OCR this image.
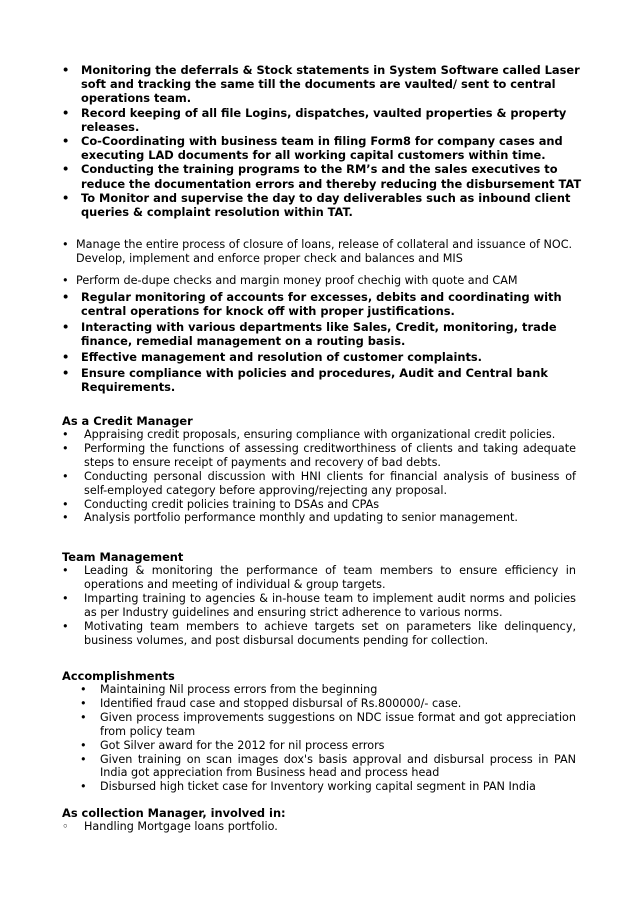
• Monitoring the deferrals & Stock statements in System Software called Laser soft and tracking the same till the documents are vaulted/ sent to central operations team.
• Record keeping of all file Logins, dispatches, vaulted properties & property releases.
• Co-Coordinating with business team in filing Form8 for company cases and executing LAD documents for all working capital customers within time.
• Conducting the training programs to the RM’s and the sales executives to reduce the documentation errors and thereby reducing the disbursement TAT
• To Monitor and supervise the day to day deliverables such as inbound client queries & complaint resolution within TAT.
• Manage the entire process of closure of loans, release of collateral and issuance of NOC.
Develop, implement and enforce proper check and balances and MIS
• Perform de-dupe checks and margin money proof chechig with quote and CAM
• Regular monitoring of accounts for excesses, debits and coordinating with central operations for knock off with proper justifications.
• Interacting with various departments like Sales, Credit, monitoring, trade finance, remedial management on a routing basis.
• Effective management and resolution of customer complaints.
• Ensure compliance with policies and procedures, Audit and Central bank Requirements.
As a Credit Manager
• Appraising credit proposals, ensuring compliance with organizational credit policies.
• Performing the functions of assessing creditworthiness of clients and taking adequate steps to ensure receipt of payments and recovery of bad debts.
• Conducting personal discussion with HNI clients for financial analysis of business of self-employed category before approving/rejecting any proposal.
• Conducting credit policies training to DSAs and CPAs
• Analysis portfolio performance monthly and updating to senior management.
Team Management
• Leading & monitoring the performance of team members to ensure efficiency in operations and meeting of individual & group targets.
• Imparting training to agencies & in-house team to implement audit norms and policies as per Industry guidelines and ensuring strict adherence to various norms.
• Motivating team members to achieve targets set on parameters like delinquency, business volumes, and post disbursal documents pending for collection.
Accomplishments
• Maintaining Nil process errors from the beginning
• Identified fraud case and stopped disbursal of Rs.800000/- case.
• Given process improvements suggestions on NDC issue format and got appreciation from policy team
• Got Silver award for the 2012 for nil process errors
• Given training on scan images dox's basis approval and disbursal process in PAN India got appreciation from Business head and process head
• Disbursed high ticket case for Inventory working capital segment in PAN India
As collection Manager, involved in:
◦ Handling Mortgage loans portfolio.
